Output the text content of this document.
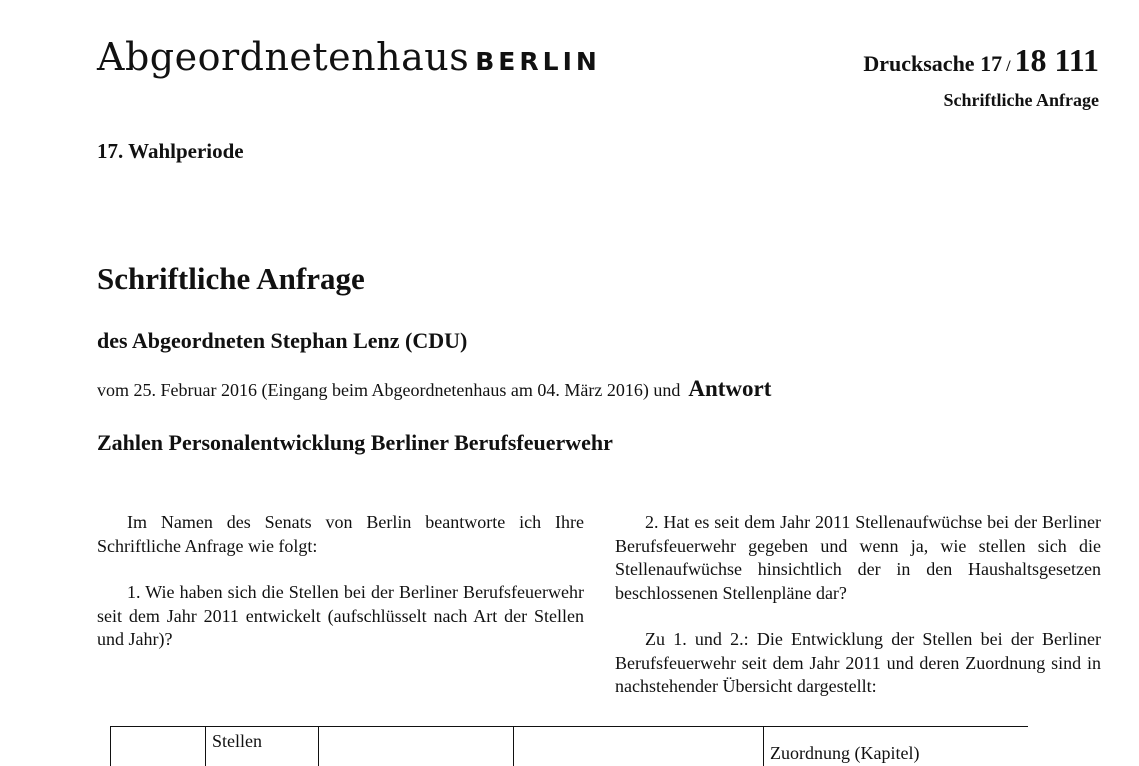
Abgeordnetenhaus BERLIN	Drucksache 17 / 18 111
Schriftliche Anfrage
17. Wahlperiode
Schriftliche Anfrage
des Abgeordneten Stephan Lenz (CDU)
vom 25. Februar 2016 (Eingang beim Abgeordnetenhaus am 04. März 2016) und Antwort
Zahlen Personalentwicklung Berliner Berufsfeuerwehr

Im Namen des Senats von Berlin beantworte ich Ihre Schriftliche Anfrage wie folgt:

1. Wie haben sich die Stellen bei der Berliner Berufsfeuerwehr seit dem Jahr 2011 entwickelt (aufschlüsselt nach Art der Stellen und Jahr)?

2. Hat es seit dem Jahr 2011 Stellenaufwüchse bei der Berliner Berufsfeuerwehr gegeben und wenn ja, wie stellen sich die Stellenaufwüchse hinsichtlich der in den Haushaltsgesetzen beschlossenen Stellenpläne dar?

Zu 1. und 2.: Die Entwicklung der Stellen bei der Berliner Berufsfeuerwehr seit dem Jahr 2011 und deren Zuordnung sind in nachstehender Übersicht dargestellt:

	Stellen			Zuordnung (Kapitel)
